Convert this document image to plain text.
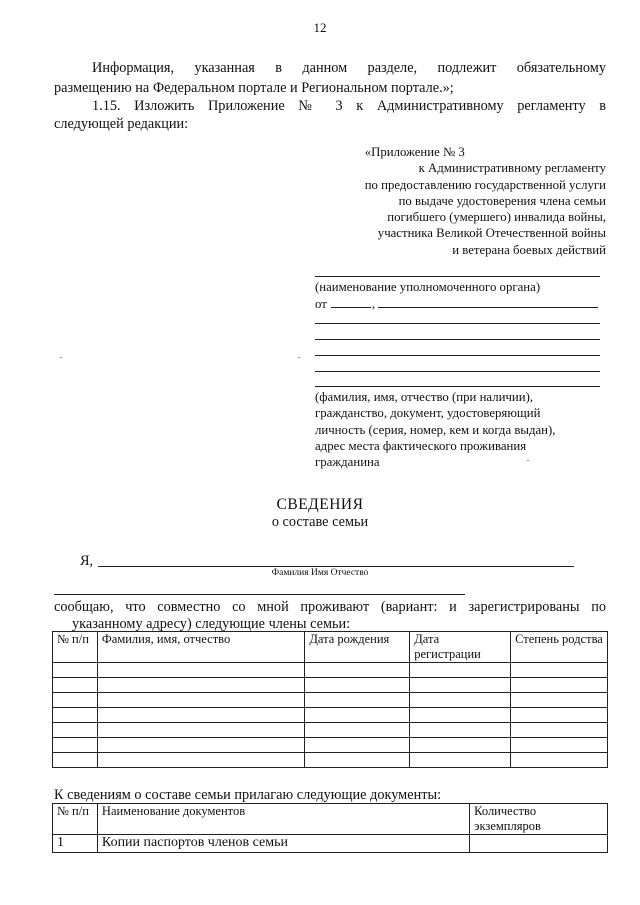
12
Информация, указанная в данном разделе, подлежит обязательному
размещению на Федеральном портале и Региональном портале.»;
1.15. Изложить Приложение № 3 к Административному регламенту в
следующей редакции:
«Приложение № 3
к Административному регламенту
по предоставлению государственной услуги
по выдаче удостоверения члена семьи
погибшего (умершего) инвалида войны,
участника Великой Отечественной войны
и ветерана боевых действий
(наименование уполномоченного органа)
от	,
(фамилия, имя, отчество (при наличии),
гражданство, документ, удостоверяющий
личность (серия, номер, кем и когда выдан),
адрес места фактического проживания
гражданина
СВЕДЕНИЯ
о составе семьи
Я,
Фамилия Имя Отчество
сообщаю, что совместно со мной проживают (вариант: и зарегистрированы по
указанному адресу) следующие члены семьи:
№ п/п	Фамилия, имя, отчество	Дата рождения	Дата регистрации	Степень родства

К сведениям о составе семьи прилагаю следующие документы:
№ п/п	Наименование документов	Количество экземпляров
1	Копии паспортов членов семьи	
